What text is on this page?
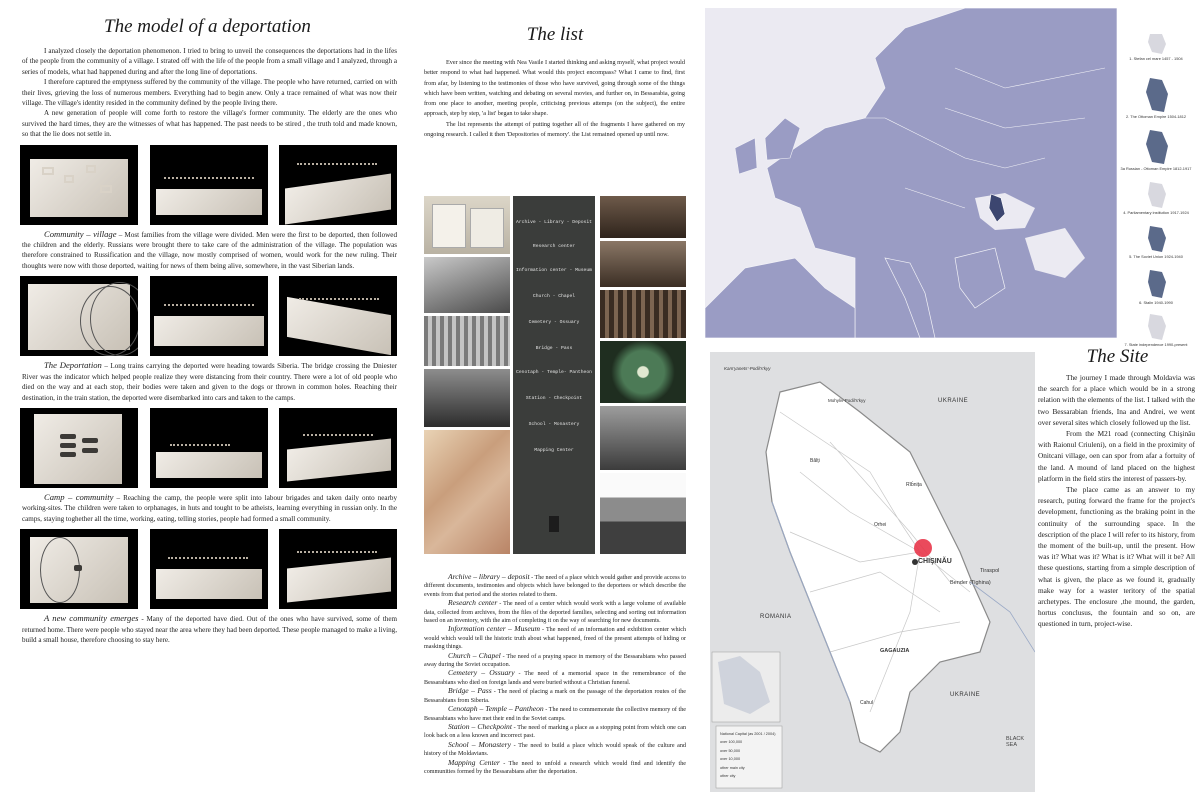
The model of a deportation
I analyzed closely the deportation phenomenon. I tried to bring to unveil the consequences the deportations had in the lifes of the people from the community of a village. I strated off with the life of the people from a small village and I analyzed, through a series of models, what had happened during and after the long line of deportations.
I therefore captured the emptyness suffered by the community of the village. The people who have returned, carried on with their lives, grieving the loss of numerous members. Everything had to begin anew. Only a trace remained of what was now their village. The village's identity resided in the community defined by the people living there.
A new generation of people will come forth to restore the village's former community. The elderly are the ones who survived the hard times, they are the witnesses of what has happened. The past needs to be stired , the truth told and made known, so that the lie does not settle in.
Community – village – Most families from the village were divided. Men were the first to be deported, then followed the children and the elderly. Russians were brought there to take care of the administration of the village. The population was therefore constrained to Russification and the village, now mostly comprised of women, would work for the new ruling. Their thoughts were now with those deported, waiting for news of them being alive, somewhere, in the vast Siberian lands.
The Deportation – Long trains carrying the deported were heading towards Siberia. The bridge crossing the Dniester River was the indicator which helped people realize they were distancing from their country. There were a lot of old people who died on the way and at each stop, their bodies were taken and given to the dogs or thrown in common holes. Reaching their destination, in the train station, the deported were disembarked into cars and taken to the camps.
Camp – community – Reaching the camp, the people were split into labour brigades and taken daily onto nearby working-sites. The children were taken to orphanages, in huts and tought to be atheists, learning everything in russian only. In the camps, staying toghether all the time, working, eating, telling stories, people had formed a small community.
A new community emerges - Many of the deported have died. Out of the ones who have survived, some of them returned home. There were people who stayed near the area where they had been deported. These people managed to make a living, build a small house, therefore choosing to stay here.
The list
Ever since the meeting with Nea Vasile I started thinking and asking myself, what project would better respond to what had happened. What would this project encompass? What I came to find, first from afar, by listening to the testimonies of those who have survived, going through some of the things which have been written, watching and debating on several movies, and further on, in Bessarabia, going from one place to another, meeting people, criticising previous attemps (on the subject), the entire approach, step by step, 'a list' began to take shape.
The list represents the attempt of putting together all of the fragments I have gathered on my ongoing research. I called it then 'Depositories of memory'. the List remained opened up until now.
Archive - Library - Deposit
Research center
Information center - Museum
Church - Chapel
Cemetery - Ossuary
Bridge - Pass
Cenotaph - Temple- Pantheon
Station - Checkpoint
School - Monastery
Mapping Center
Archive – library – deposit - The need of a place which would gather and provide access to different documents, testimonies and objects which have belonged to the deportees or which describe the events from that period and the stories related to them.
Research center - The need of a center which would work with a large volume of available data, collected from archives, from the files of the deported families, selecting and sorting out information based on an inventory, with the aim of completing it on the way of searching for new documents.
Information center – Museum - The need of an information and exhibition center which would which would tell the historic truth about what happened, freed of the present attempts of hiding or masking things.
Church – Chapel - The need of a praying space in memory of the Bessarabians who passed away during the Soviet occupation.
Cemetery – Ossuary - The need of a memorial space in the remembrance of the Bessarabians who died on foreign lands and were buried without a Christian funeral.
Bridge – Pass - The need of placing a mark on the passage of the deportation routes of the Bessarabians from Siberia.
Cenotaph – Temple – Pantheon - The need to commemorate the collective memory of the Bessarabians who have met their end in the Soviet camps.
Station – Checkpoint - The need of marking a place as a stopping point from which one can look back on a less known and incorrect past.
School – Monastery - The need to build a place which would speak of the culture and history of the Moldavians.
Mapping Center - The need to unfold a research which would find and identify the communities formed by the Bessarabians after the deportation.
1. Stefan cel mare 1457 - 1504
2. The Ottoman Empire 1504-1812
3a Russian - Ottoman Empire 1812-1917
4. Parliamentary institution 1917-1924
5. The Soviet Union 1924-1940
6. Stalin 1940-1990
7. State independence 1990-present
UKRAINE
UKRAINE
ROMANIA
CHIŞINĂU
Tiraspol
Bender (Tighina)
GAGAUZIA
BLACK SEA
Kam'yanets'-Podil's'kyy
Mohyliv-Podil's'kyy
Bălți
Orhei
Cahul
Rîb́nița
National Capital (as 2001 / 2004)
over 100,000
over 50,000
over 10,000
other main city
other city
The Site
The journey I made through Moldavia was the search for a place which would be in a strong relation with the elements of the list. I talked with the two Bessarabian friends, Ina and Andrei, we went over several sites which closely followed up the list.
From the M21 road (connecting Chişinău with Raionul Criuleni), on a field in the proximity of Onitcani village, oen can spor from afar a fortuity of the land. A mound of land placed on the highest platform in the field stirs the interest of passers-by.
The place came as an answer to my research, puting forward the frame for the project's development, functioning as the braking point in the continuity of the surrounding space. In the description of the place I will refer to its history, from the moment of the built-up, until the present. How was it? What was it? What is it? What will it be? All these questions, starting from a simple description of what is given, the place as we found it, gradually make way for a waster teritory of the spatial archetypes. The enclosure ,the mound, the garden, hortus conclusus, the fountain and so on, are questioned in turn, project-wise.
